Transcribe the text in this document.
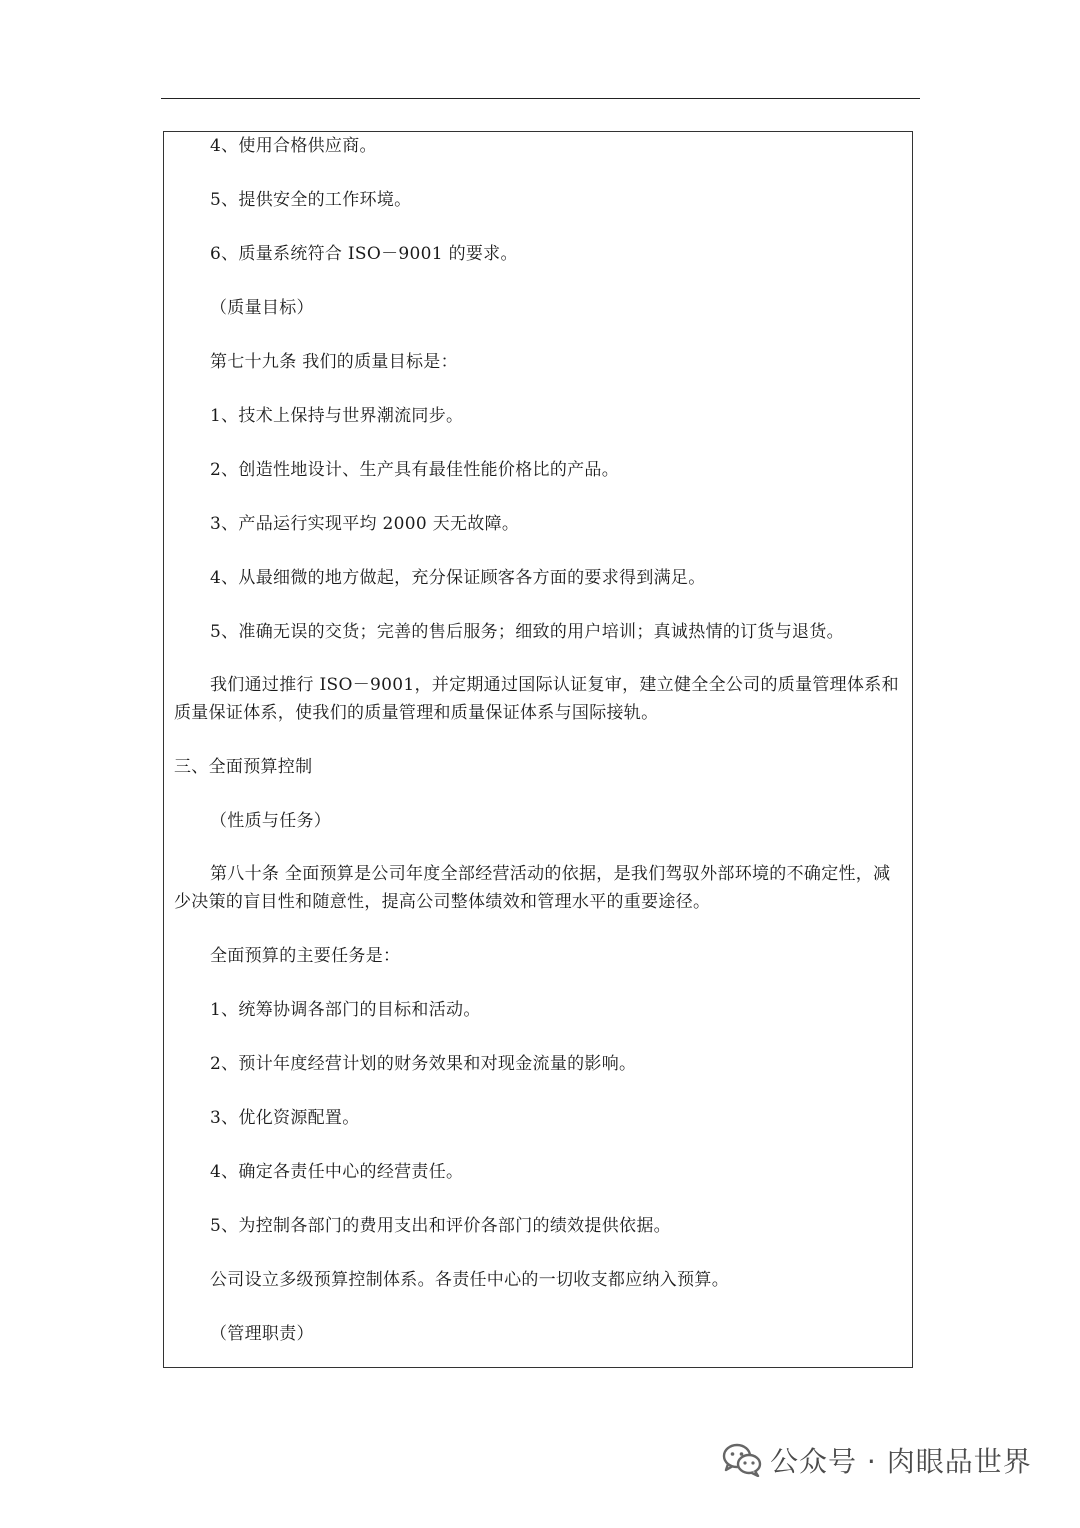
4、使用合格供应商。
5、提供安全的工作环境。
6、质量系统符合 ISO－9001 的要求。
（质量目标）
第七十九条 我们的质量目标是：
1、技术上保持与世界潮流同步。
2、创造性地设计、生产具有最佳性能价格比的产品。
3、产品运行实现平均 2000 天无故障。
4、从最细微的地方做起，充分保证顾客各方面的要求得到满足。
5、准确无误的交货；完善的售后服务；细致的用户培训；真诚热情的订货与退货。
我们通过推行 ISO－9001，并定期通过国际认证复审，建立健全全公司的质量管理体系和质量保证体系，使我们的质量管理和质量保证体系与国际接轨。
三、全面预算控制
（性质与任务）
第八十条 全面预算是公司年度全部经营活动的依据，是我们驾驭外部环境的不确定性，减少决策的盲目性和随意性，提高公司整体绩效和管理水平的重要途径。
全面预算的主要任务是：
1、统筹协调各部门的目标和活动。
2、预计年度经营计划的财务效果和对现金流量的影响。
3、优化资源配置。
4、确定各责任中心的经营责任。
5、为控制各部门的费用支出和评价各部门的绩效提供依据。
公司设立多级预算控制体系。各责任中心的一切收支都应纳入预算。
（管理职责）
公众号 · 肉眼品世界
